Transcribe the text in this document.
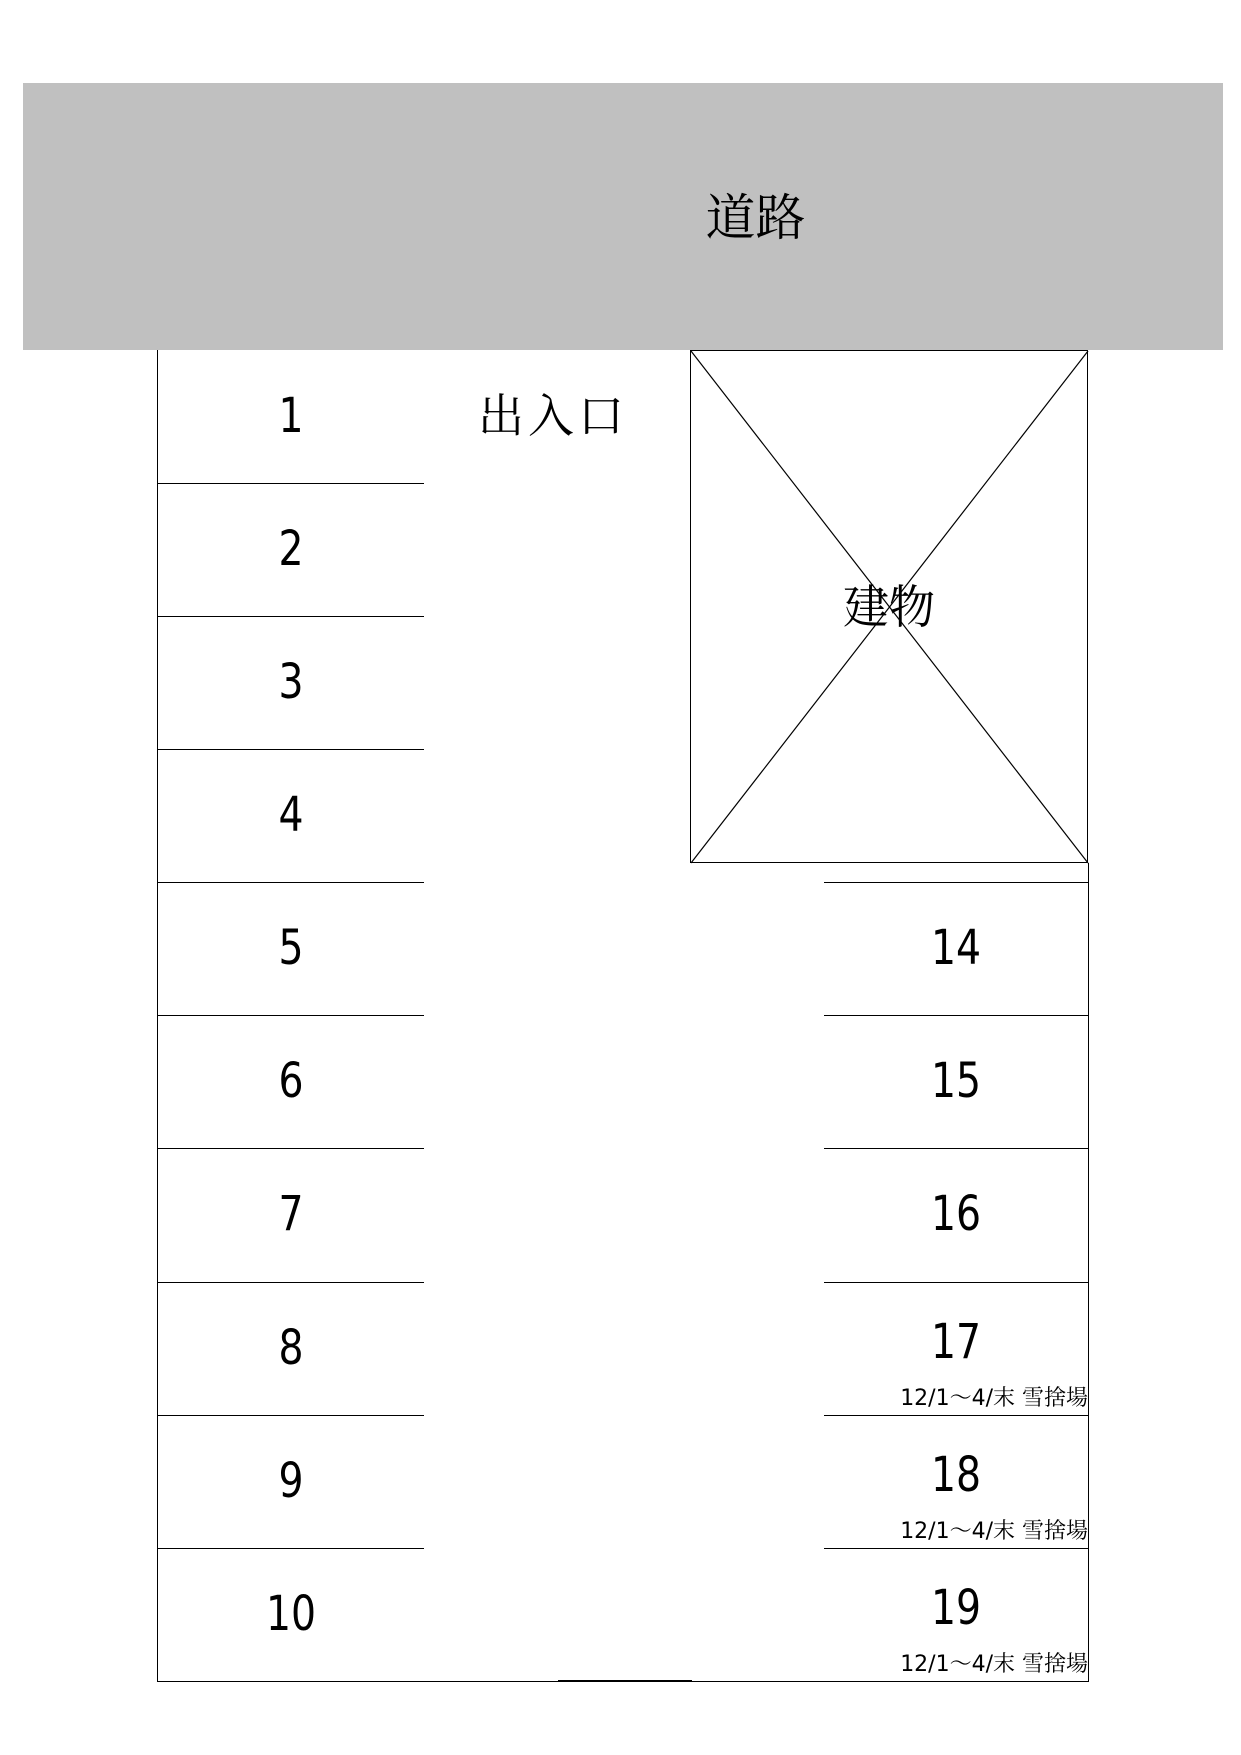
道路
出入口
建物
1
2
3
4
5
6
7
8
9
10
14
15
16
17
12/1～4/末 雪捨場
18
12/1～4/末 雪捨場
19
12/1～4/末 雪捨場
